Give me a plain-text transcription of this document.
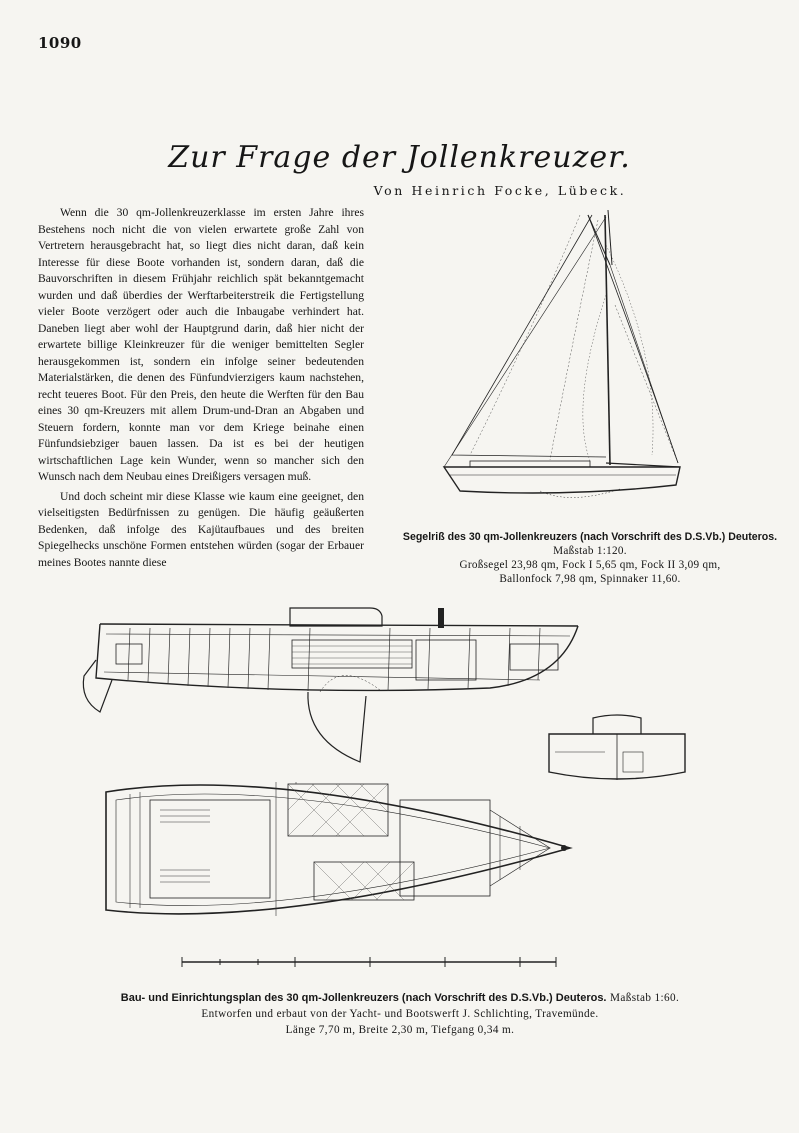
1090
Zur Frage der Jollenkreuzer.
Von Heinrich Focke, Lübeck.

Wenn die 30 qm-Jollenkreuzerklasse im ersten Jahre ihres Bestehens noch nicht die von vielen erwartete große Zahl von Vertretern herausgebracht hat, so liegt dies nicht daran, daß kein Interesse für diese Boote vorhanden ist, sondern daran, daß die Bauvorschriften in diesem Frühjahr reichlich spät bekanntgemacht wurden und daß überdies der Werftarbeiterstreik die Fertigstellung vieler Boote verzögert oder auch die Inbaugabe verhindert hat. Daneben liegt aber wohl der Hauptgrund darin, daß hier nicht der erwartete billige Kleinkreuzer für die weniger bemittelten Segler herausgekommen ist, sondern ein infolge seiner bedeutenden Materialstärken, die denen des Fünfundvierzigers kaum nachstehen, recht teueres Boot. Für den Preis, den heute die Werften für den Bau eines 30 qm-Kreuzers mit allem Drum-und-Dran an Abgaben und Steuern fordern, konnte man vor dem Kriege beinahe einen Fünfundsiebziger bauen lassen. Da ist es bei der heutigen wirtschaftlichen Lage kein Wunder, wenn so mancher sich den Wunsch nach dem Neubau eines Dreißigers versagen muß.

Und doch scheint mir diese Klasse wie kaum eine geeignet, den vielseitigsten Bedürfnissen zu genügen. Die häufig geäußerten Bedenken, daß infolge des Kajütaufbaues und des breiten Spiegelhecks unschöne Formen entstehen würden (sogar der Erbauer meines Bootes nannte diese

Segelriß des 30 qm-Jollenkreuzers (nach Vorschrift des D.S.Vb.) Deuteros. Maßstab 1:120.
Großsegel 23,98 qm, Fock I 5,65 qm, Fock II 3,09 qm,
Ballonfock 7,98 qm, Spinnaker 11,60.
Bau- und Einrichtungsplan des 30 qm-Jollenkreuzers (nach Vorschrift des D.S.Vb.) Deuteros. Maßstab 1:60.
Entworfen und erbaut von der Yacht- und Bootswerft J. Schlichting, Travemünde.
Länge 7,70 m, Breite 2,30 m, Tiefgang 0,34 m.
